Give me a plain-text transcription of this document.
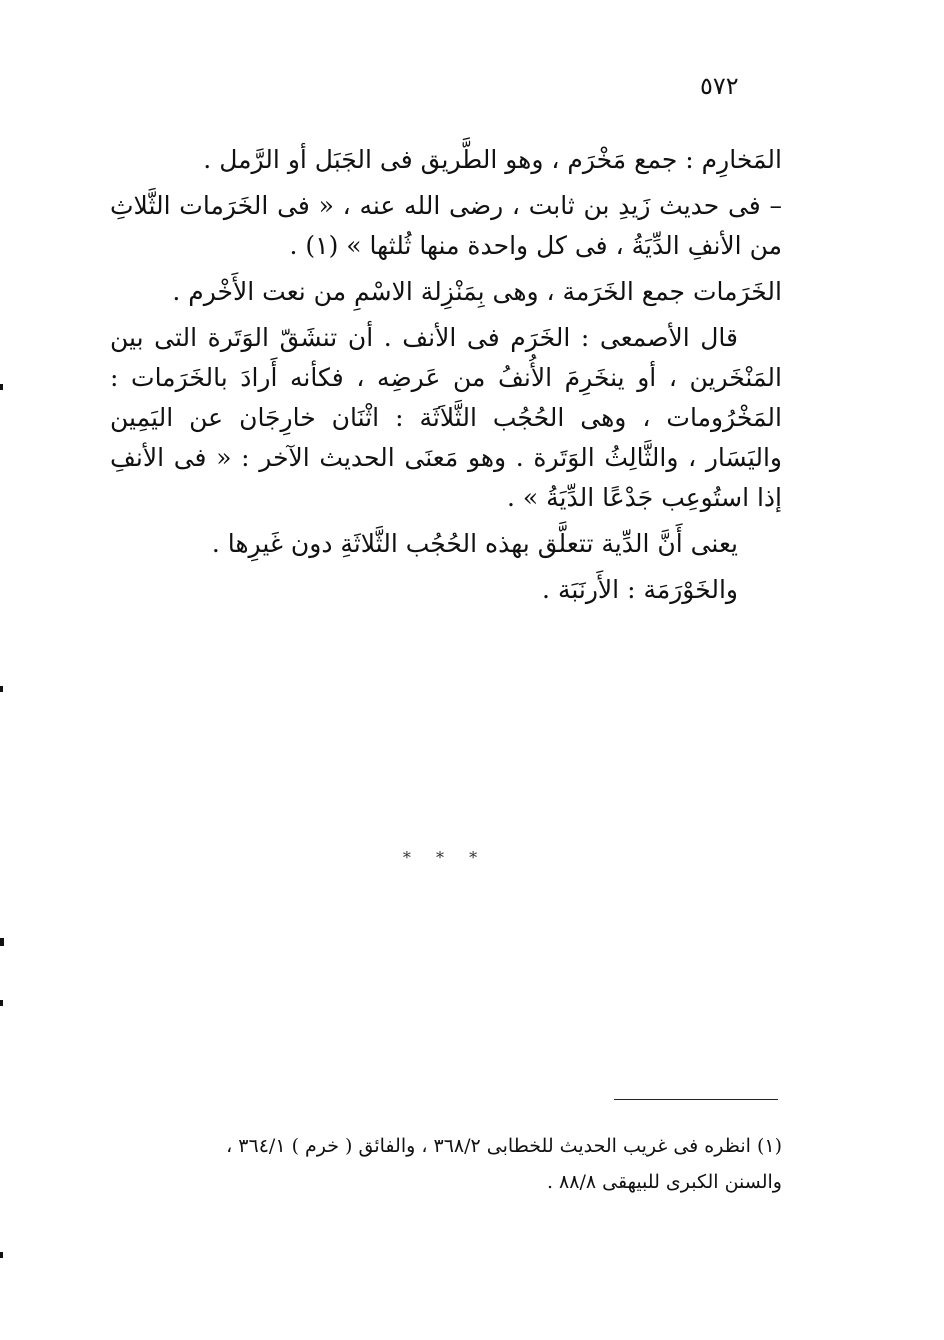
٥٧٢

المَخارِم : جمع مَخْرَم ، وهو الطَّريق فى الجَبَل أو الرَّمل .

– فى حديث زَيدِ بن ثابت ، رضى الله عنه ، « فى الخَرَمات الثَّلاثِ من الأنفِ الدِّيَةُ ، فى كل واحدة منها ثُلثها » (١) .

الخَرَمات جمع الخَرَمة ، وهى بِمَنْزِلة الاسْمِ من نعت الأَخْرم .

قال الأصمعى : الخَرَم فى الأنف . أن تنشَقّ الوَتَرة التى بين المَنْخَرين ، أو ينخَرِمَ الأُنفُ من عَرضِه ، فكأنه أَرادَ بالخَرَمات : المَخْرُومات ، وهى الحُجُب الثَّلاَثَة : اثْنَان خارِجَان عن اليَمِين واليَسَار ، والثَّالِثُ الوَتَرة . وهو مَعنَى الحديث الآخر : « فى الأنفِ إذا استُوعِب جَدْعًا الدِّيَةُ » .

يعنى أَنَّ الدِّية تتعلَّق بهذه الحُجُب الثَّلاثَةِ دون غَيرِها .

والخَوْرَمَة : الأَرنَبَة .

* * *

(١) انظره فى غريب الحديث للخطابى ٣٦٨/٢ ، والفائق ( خرم ) ٣٦٤/١ ،

والسنن الكبرى للبيهقى ٨٨/٨ .
